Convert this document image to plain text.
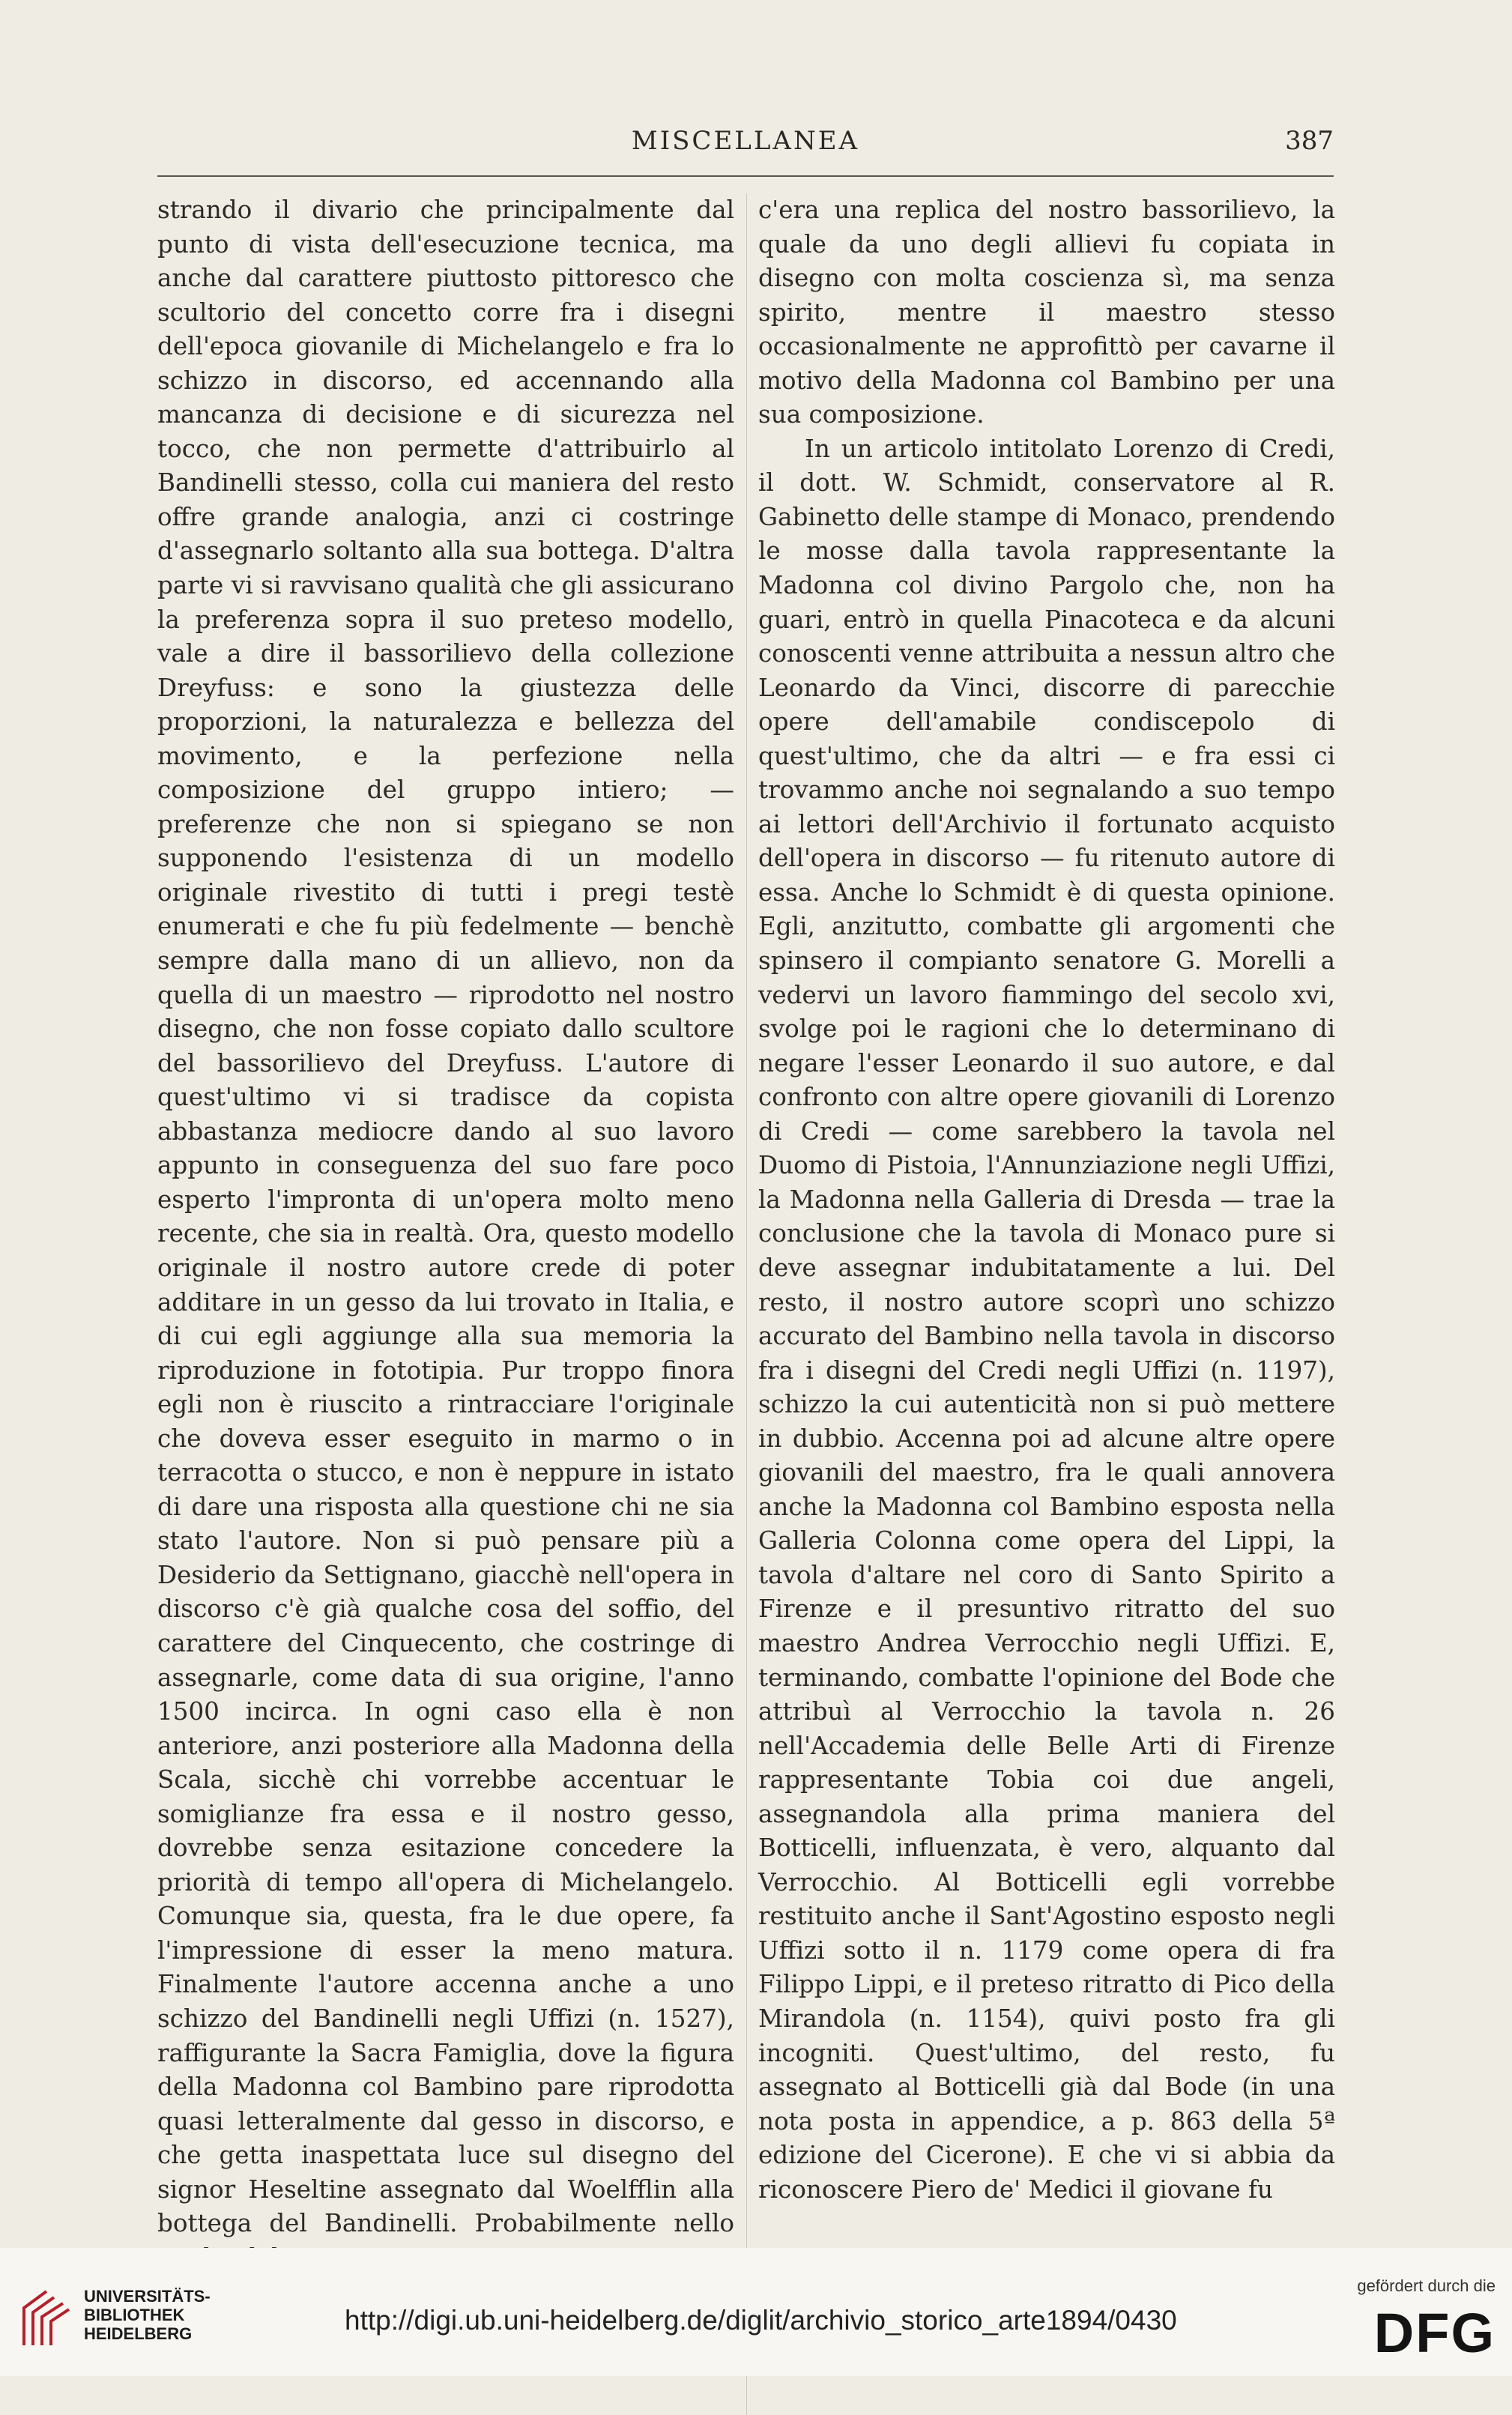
MISCELLANEA	387

strando il divario che principalmente dal punto di vista dell'esecuzione tecnica, ma anche dal carattere piuttosto pittoresco che scultorio del concetto corre fra i disegni dell'epoca giovanile di Michelangelo e fra lo schizzo in discorso, ed accennando alla mancanza di decisione e di sicurezza nel tocco, che non permette d'attribuirlo al Bandinelli stesso, colla cui maniera del resto offre grande analogia, anzi ci costringe d'assegnarlo soltanto alla sua bottega. D'altra parte vi si ravvisano qualità che gli assicurano la preferenza sopra il suo preteso modello, vale a dire il bassorilievo della collezione Dreyfuss: e sono la giustezza delle proporzioni, la naturalezza e bellezza del movimento, e la perfezione nella composizione del gruppo intiero; — preferenze che non si spiegano se non supponendo l'esistenza di un modello originale rivestito di tutti i pregi testè enumerati e che fu più fedelmente — benchè sempre dalla mano di un allievo, non da quella di un maestro — riprodotto nel nostro disegno, che non fosse copiato dallo scultore del bassorilievo del Dreyfuss. L'autore di quest'ultimo vi si tradisce da copista abbastanza mediocre dando al suo lavoro appunto in conseguenza del suo fare poco esperto l'impronta di un'opera molto meno recente, che sia in realtà. Ora, questo modello originale il nostro autore crede di poter additare in un gesso da lui trovato in Italia, e di cui egli aggiunge alla sua memoria la riproduzione in fototipia. Pur troppo finora egli non è riuscito a rintracciare l'originale che doveva esser eseguito in marmo o in terracotta o stucco, e non è neppure in istato di dare una risposta alla questione chi ne sia stato l'autore. Non si può pensare più a Desiderio da Settignano, giacchè nell'opera in discorso c'è già qualche cosa del soffio, del carattere del Cinquecento, che costringe di assegnarle, come data di sua origine, l'anno 1500 incirca. In ogni caso ella è non anteriore, anzi posteriore alla Madonna della Scala, sicchè chi vorrebbe accentuar le somiglianze fra essa e il nostro gesso, dovrebbe senza esitazione concedere la priorità di tempo all'opera di Michelangelo. Comunque sia, questa, fra le due opere, fa l'impressione di esser la meno matura. Finalmente l'autore accenna anche a uno schizzo del Bandinelli negli Uffizi (n. 1527), raffigurante la Sacra Famiglia, dove la figura della Madonna col Bambino pare riprodotta quasi letteralmente dal gesso in discorso, e che getta inaspettata luce sul disegno del signor Heseltine assegnato dal Woelfflin alla bottega del Bandinelli. Probabilmente nello

c'era una replica del nostro bassorilievo, la quale da uno degli allievi fu copiata in disegno con molta coscienza sì, ma senza spirito, mentre il maestro stesso occasionalmente ne approfittò per cavarne il motivo della Madonna col Bambino per una sua composizione.

In un articolo intitolato Lorenzo di Credi, il dott. W. Schmidt, conservatore al R. Gabinetto delle stampe di Monaco, prendendo le mosse dalla tavola rappresentante la Madonna col divino Pargolo che, non ha guari, entrò in quella Pinacoteca e da alcuni conoscenti venne attribuita a nessun altro che Leonardo da Vinci, discorre di parecchie opere dell'amabile condiscepolo di quest'ultimo, che da altri — e fra essi ci trovammo anche noi segnalando a suo tempo ai lettori dell'Archivio il fortunato acquisto dell'opera in discorso — fu ritenuto autore di essa. Anche lo Schmidt è di questa opinione. Egli, anzitutto, combatte gli argomenti che spinsero il compianto senatore G. Morelli a vedervi un lavoro fiammingo del secolo xvi, svolge poi le ragioni che lo determinano di negare l'esser Leonardo il suo autore, e dal confronto con altre opere giovanili di Lorenzo di Credi — come sarebbero la tavola nel Duomo di Pistoia, l'Annunziazione negli Uffizi, la Madonna nella Galleria di Dresda — trae la conclusione che la tavola di Monaco pure si deve assegnar indubitatamente a lui. Del resto, il nostro autore scoprì uno schizzo accurato del Bambino nella tavola in discorso fra i disegni del Credi negli Uffizi (n. 1197), schizzo la cui autenticità non si può mettere in dubbio. Accenna poi ad alcune altre opere giovanili del maestro, fra le quali annovera anche la Madonna col Bambino esposta nella Galleria Colonna come opera del Lippi, la tavola d'altare nel coro di Santo Spirito a Firenze e il presuntivo ritratto del suo maestro Andrea Verrocchio negli Uffizi. E, terminando, combatte l'opinione del Bode che attribuì al Verrocchio la tavola n. 26 nell'Accademia delle Belle Arti di Firenze rappresentante Tobia coi due angeli, assegnandola alla prima maniera del Botticelli, influenzata, è vero, alquanto dal Verrocchio. Al Botticelli egli vorrebbe restituito anche il Sant'Agostino esposto negli Uffizi sotto il n. 1179 come opera di fra Filippo Lippi, e il preteso ritratto di Pico della Mirandola (n. 1154), quivi posto fra gli incogniti. Quest'ultimo, del resto, fu assegnato al Botticelli già dal Bode (in una nota posta in appendice, a p. 863 della 5ª edizione del Cicerone). E che vi si abbia da riconoscere Piero de' Medici il giovane fu

UNIVERSITÄTS-
BIBLIOTHEK
HEIDELBERG	http://digi.ub.uni-heidelberg.de/diglit/archivio_storico_arte1894/0430
gefördert durch die
DFG
